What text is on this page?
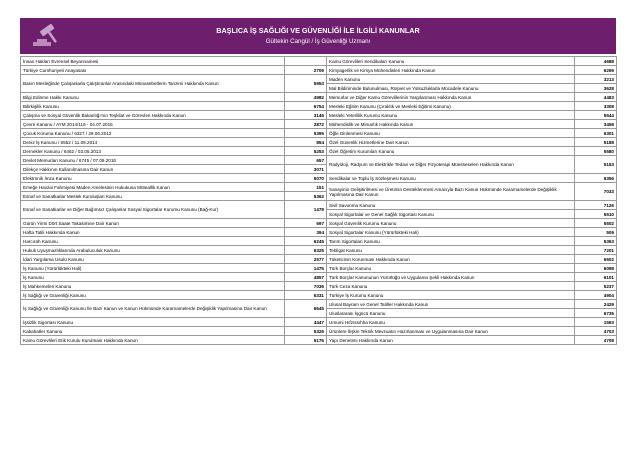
BAŞLICA İŞ SAĞLIĞI VE GÜVENLİĞİ İLE İLGİLİ KANUNLAR
Gültekin Cangül / İş Güvenliği Uzmanı
İnsan Hakları Evrensel Beyannamesi		Kamu Görevlileri Sendikaları Kanunu	4688
Türkiye Cumhuriyeti Anayasası	2709	Kimyagerlik ve Kimya Mühendisleri Hakkında Kanun	6269
Basın Mesleğinde Çalışanlarla Çalıştıranlar Arasındaki Münasebetlerin Tanzimi Hakkında Kanun	5953	Maden Kanunu	3213
		Mal Bildiriminde Bulunulması, Rüşvet ve Yolsuzluklarla Mücadele Kanunu	3628
Bilgi Edinme Hakkı Kanunu	4982	Memurlar ve Diğer Kamu Görevlilerinin Yargılanması Hakkında Kanun	4483
Bilirkişilik Kanunu	6754	Mesleki Eğitim Kanunu (Çıraklık ve Mesleki Eğitimi Kanunu)	3308
Çalışma ve Sosyal Güvenlik Bakanlığı'nın Teşkilat ve Görevleri Hakkında Kanun	3146	Mesleki Yeterlilik Kurumu Kanunu	5544
Çevre Kanunu / AYM 2014/116 - 04.07.2015	2872	Mühendislik ve Mimarlık Hakkında Kanun	3458
Çocuk Koruma Kanunu / 6327 / 29.06.2012	5395	Öğle Dinlenmesi Kanunu	6301
Deniz İş Kanunu / 6552 / 11.09.2014	854	Özel Güvenlik Hizmetlerine Dair Kanun	5188
Dernekler Kanunu / 6462 / 03.05.2013	5253	Özel Öğretim Kurumları Kanunu	5580
Devlet Memurları Kanunu / 6745 / 07.09.2016	657	Radyoloji, Radyum ve Elektrikle Tedavi ve Diğer Fizyoterapi Müesseseleri Hakkında Kanun	5153
Dilekçe Hakkının Kullanılmasına Dair Kanun	3071		
Elektronik İmza Kanunu	5070	Sendikalar ve Toplu İş Sözleşmesi Kanunu	6356
Emeğe Havzai Fahmiyesi Maden Amelesinin Hukukuna Müteallik Kanun	151	Sanayinin Gelişitirilmesi ve Üretimin Desteklenmesi Amacıyla Bazı Kanun Hükmünde Kararnamelerde Değişiklik Yapılmasına Dair Kanun	7033
Esnaf ve Sanatkarlar Meslek Kuruluşları Kanunu	5362		
Esnaf ve Sanatkarlar ve Diğer Bağımsız Çalışanlar Sosyal Sigortalar Kurumu Kanunu (Bağ-Kur)	1479	Sivil Savunma Kanunu	7126
		Sosyal Sigortalar ve Genel Sağlık Sigortası Kanunu	5510
Gürün Yirmi Dört Saate Takasimine Dair Kanun	697	Sosyal Güvenlik Kurumu Kanunu	5502
Hafta Tatili Hakkında Kanun	394	Sosyal Sigortalar Kanunu (Yürürlükteki Hali)	506
Harcırah Kanunu	6245	Tarım Sigortaları Kanunu	5363
Hukuk Uyuşmazlıklarında Arabuluculuk Kanunu	6325	Tebligat Kanunu	7201
İdari Yargılama Usulü Kanunu	2577	Tüketicinin Korunması Hakkında Kanun	6502
İş Kanunu (Yürürlükteki Hali)	1475	Türk Borçlar Kanunu	6098
İş Kanunu	4857	Türk Borçlar Kanununun Yürürlüğü ve Uygulama Şekli Hakkında Kanun	6101
İş Mahkemeleri Kanunu	7036	Türk Ceza Kanunu	5237
İş Sağlığı ve Güvenliği Kanunu	6331	Türkiye İş Kurumu Kanunu	4904
İş Sağlığı ve Güvenliği Kanunu İle Bazı Kanun ve Kanun Hükmünde Kararnamelerde Değişiklik Yapılmasına Dair Kanun	6645	Ulusal Bayram ve Genel Tatiller Hakkında Kanun	2429
		Uluslararası İşgücü Kanunu	6735
İşsizlik Sigortası Kanunu	4447	Umumi Hıfzıssıhha Kanunu	1593
Kabahatler Kanunu	5326	Ürünlere İlişkin Teknik Mevzuatın Hazırlanması ve Uygulanmasına Dair Kanun	4703
Kamu Görevlileri Etik Kurulu Kurulması Hakkında Kanun	5176	Yapı Denetimi Hakkında Kanun	4708
